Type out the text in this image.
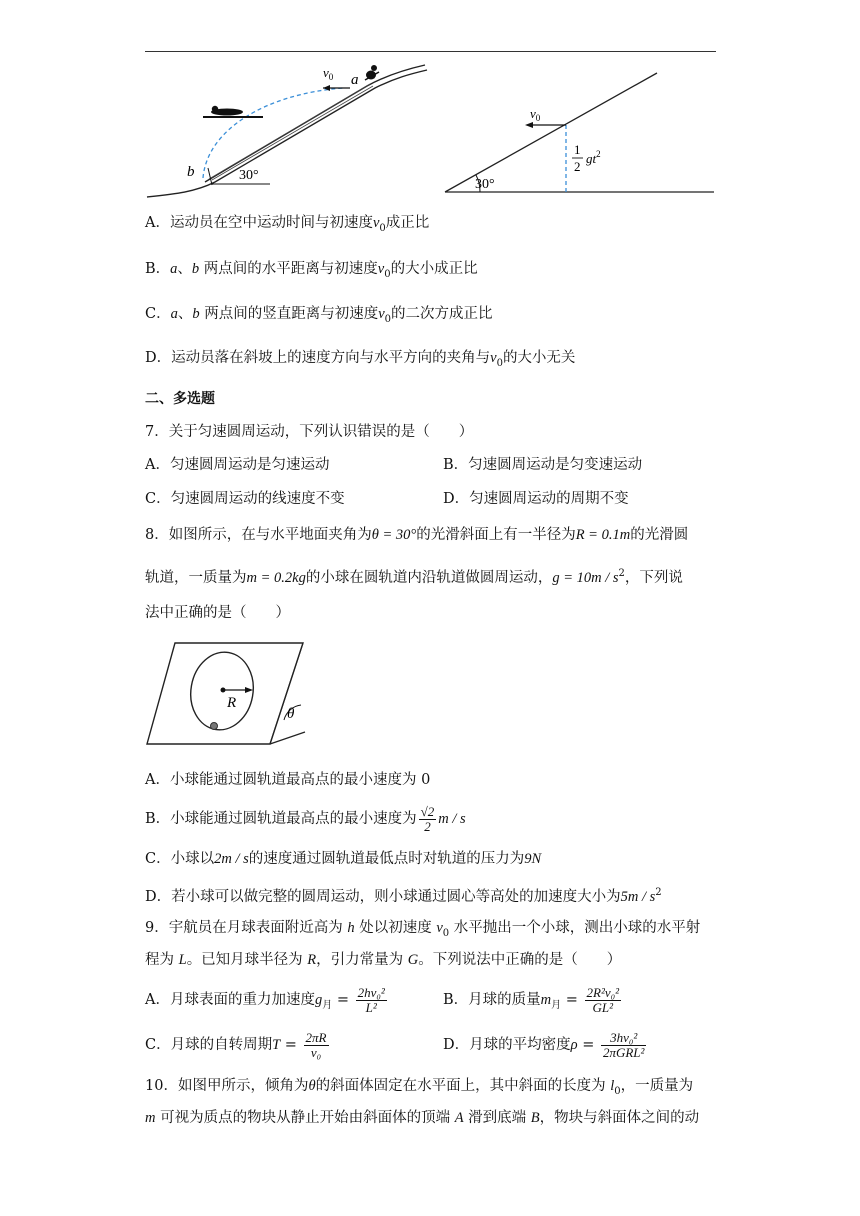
$v_0$ a
b	30°
$v_0$
1
2
$gt^2$
30°
A．运动员在空中运动时间与初速度$v_0$成正比
B．a、b 两点间的水平距离与初速度$v_0$的大小成正比
C．a、b 两点间的竖直距离与初速度$v_0$的二次方成正比
D．运动员落在斜坡上的速度方向与水平方向的夹角与$v_0$的大小无关
二、多选题
7．关于匀速圆周运动，下列认识错误的是（　　）
A．匀速圆周运动是匀速运动	B．匀速圆周运动是匀变速运动
C．匀速圆周运动的线速度不变	D．匀速圆周运动的周期不变
8．如图所示，在与水平地面夹角为θ = 30°的光滑斜面上有一半径为R = 0.1m的光滑圆
轨道，一质量为m = 0.2kg的小球在圆轨道内沿轨道做圆周运动，$g = 10m / s^2$，下列说
法中正确的是（　　）
R
θ
A．小球能通过圆轨道最高点的最小速度为 0
B．小球能通过圆轨道最高点的最小速度为 $\frac{√2}{2}$ m / s
C．小球以2m / s的速度通过圆轨道最低点时对轨道的压力为9N
D．若小球可以做完整的圆周运动，则小球通过圆心等高处的加速度大小为$5m / s^2$
9．宇航员在月球表面附近高为 h 处以初速度 $v_0$ 水平抛出一个小球，测出小球的水平射
程为 L。已知月球半径为 R，引力常量为 G。下列说法中正确的是（　　）
A．月球表面的重力加速度$g_月 = \frac{\text{2hv₀²}}{\text{L²}}$	B．月球的质量$m_月 = \frac{\text{2R²v₀²}}{\text{GL²}}$
C．月球的自转周期$T = \frac{2\pi R}{\text{v₀}}$	D．月球的平均密度$\rho = \frac{\text{3hv₀²}}{\text{2πGRL²}}$
10．如图甲所示，倾角为θ的斜面体固定在水平面上，其中斜面的长度为 $l_0$，一质量为
m 可视为质点的物块从静止开始由斜面体的顶端 A 滑到底端 B，物块与斜面体之间的动
